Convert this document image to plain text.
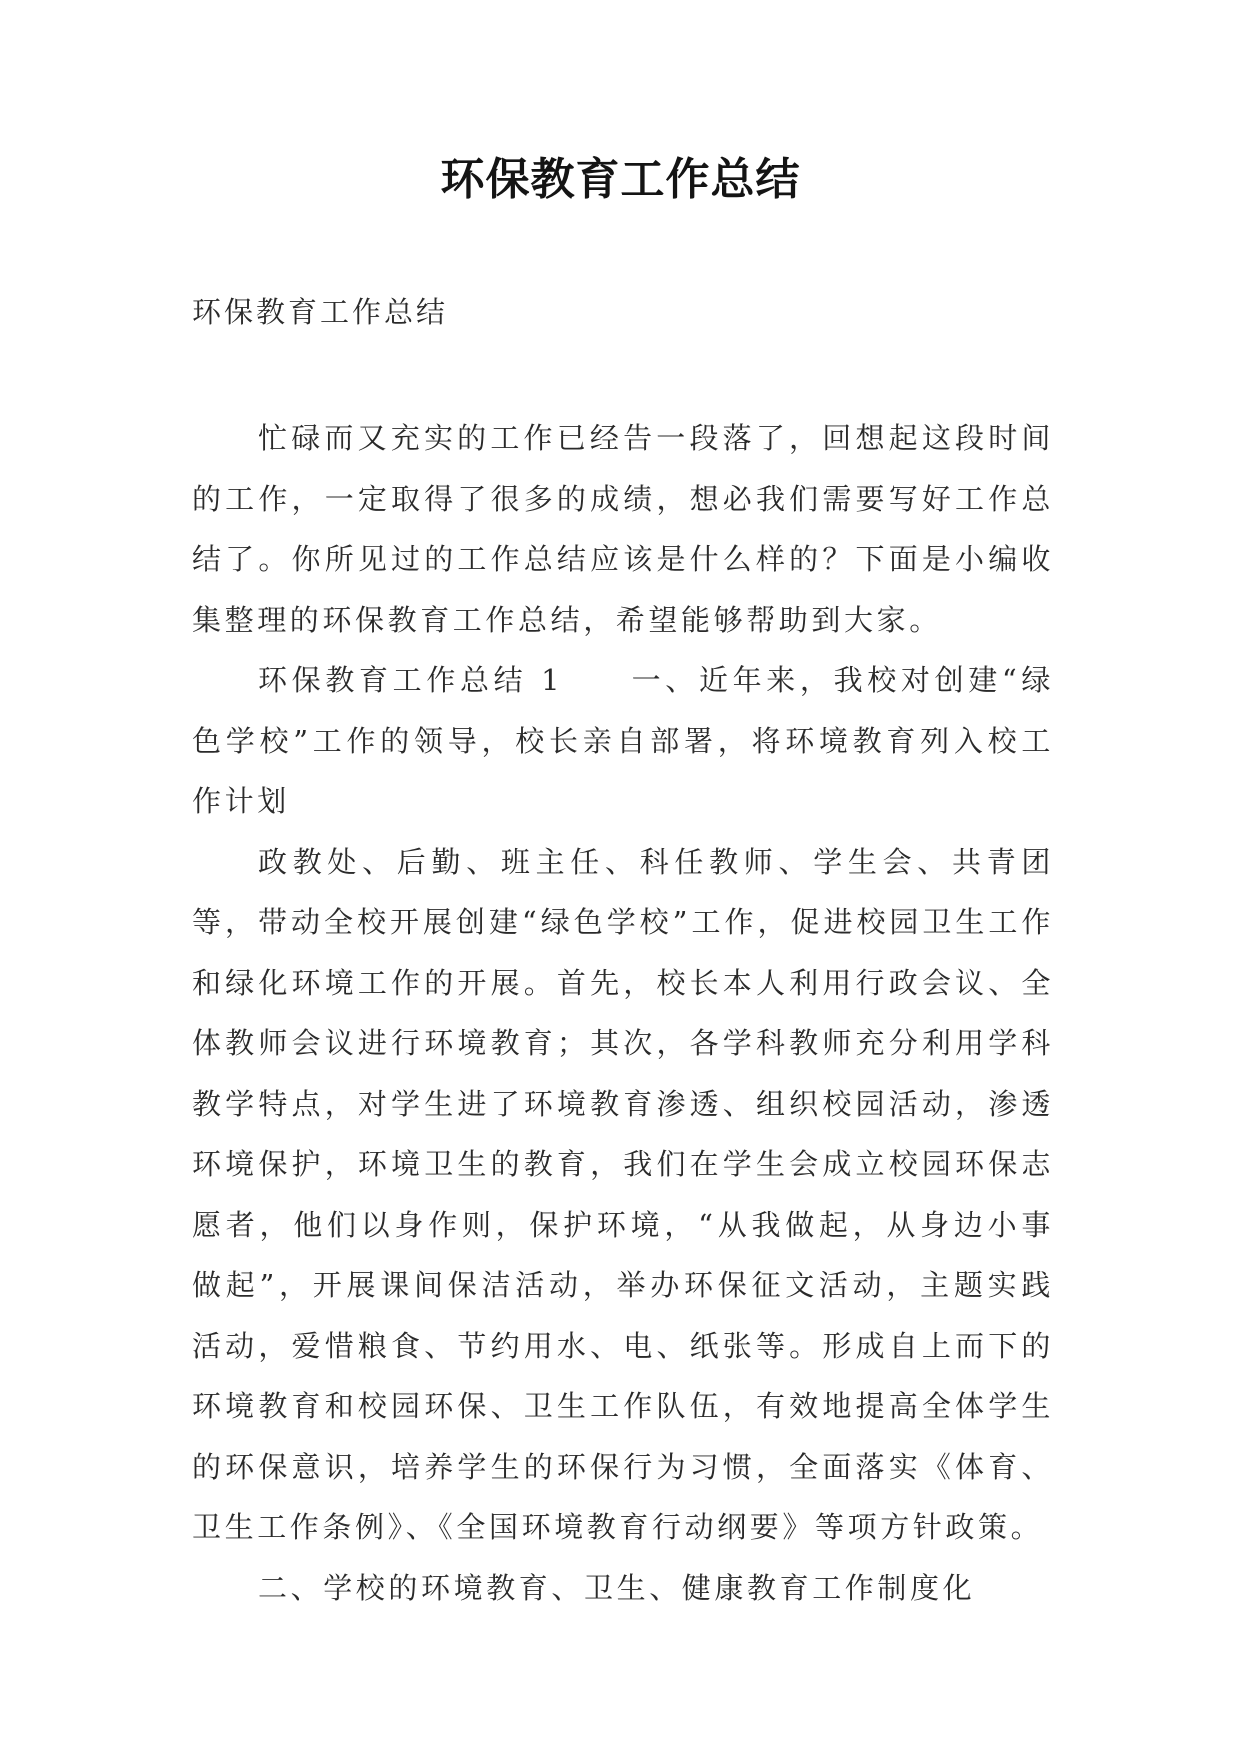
环保教育工作总结
环保教育工作总结

忙碌而又充实的工作已经告一段落了，回想起这段时间的工作，一定取得了很多的成绩，想必我们需要写好工作总结了。你所见过的工作总结应该是什么样的？下面是小编收集整理的环保教育工作总结，希望能够帮助到大家。

环保教育工作总结 1　　一、近年来，我校对创建“绿色学校”工作的领导，校长亲自部署，将环境教育列入校工作计划

政教处、后勤、班主任、科任教师、学生会、共青团等，带动全校开展创建“绿色学校”工作，促进校园卫生工作和绿化环境工作的开展。首先，校长本人利用行政会议、全体教师会议进行环境教育；其次，各学科教师充分利用学科教学特点，对学生进了环境教育渗透、组织校园活动，渗透环境保护，环境卫生的教育，我们在学生会成立校园环保志愿者，他们以身作则，保护环境，“从我做起，从身边小事做起”，开展课间保洁活动，举办环保征文活动，主题实践活动，爱惜粮食、节约用水、电、纸张等。形成自上而下的环境教育和校园环保、卫生工作队伍，有效地提高全体学生的环保意识，培养学生的环保行为习惯，全面落实《体育、卫生工作条例》、《全国环境教育行动纲要》等项方针政策。

二、学校的环境教育、卫生、健康教育工作制度化
